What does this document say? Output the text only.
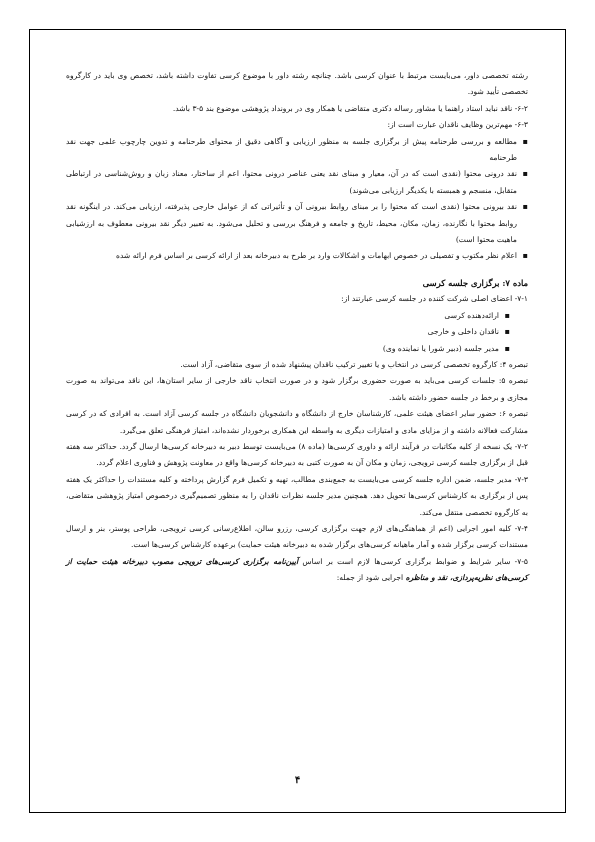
رشته تخصصی داور، می‌بایست مرتبط با عنوان کرسی باشد. چنانچه رشته داور با موضوع کرسی تفاوت داشته باشد، تخصص وی باید در کارگروه تخصصی تأیید شود.

۶-۲- ناقد نباید استاد راهنما یا مشاور رساله دکتری متقاضی یا همکار وی در برونداد پژوهشی موضوع بند ۵-۳ باشد.

۶-۳- مهم‌ترین وظایف ناقدان عبارت است از:

▪ مطالعه و بررسی طرحنامه پیش از برگزاری جلسه به منظور ارزیابی و آگاهی دقیق از محتوای طرحنامه و تدوین چارچوب علمی جهت نقد طرحنامه
▪ نقد درونی محتوا (نقدی است که در آن، معیار و مبنای نقد یعنی عناصر درونی محتوا، اعم از ساختار، معناد زبان و روش‌شناسی در ارتباطی متقابل، منسجم و همبسته با یکدیگر ارزیابی می‌شوند)
▪ نقد بیرونی محتوا (نقدی است که محتوا را بر مبنای روابط بیرونی آن و تأثیراتی که از عوامل خارجی پذیرفته، ارزیابی می‌کند. در اینگونه نقد روابط محتوا با نگارنده، زمان، مکان، محیط، تاریخ و جامعه و فرهنگ بررسی و تحلیل می‌شود. به تعبیر دیگر نقد بیرونی معطوف به ارزشیابی ماهیت محتوا است)
▪ اعلام نظر مکتوب و تفصیلی در خصوص ابهامات و اشکالات وارد بر طرح به دبیرخانه بعد از ارائه کرسی بر اساس فرم ارائه شده

ماده ۷: برگزاری جلسه کرسی

۷-۱- اعضای اصلی شرکت کننده در جلسه کرسی عبارتند از:

▪ ارائه‌دهنده کرسی
▪ ناقدان داخلی و خارجی
▪ مدیر جلسه (دبیر شورا یا نماینده وی)

تبصره ۴: کارگروه تخصصی کرسی در انتخاب و یا تغییر ترکیب ناقدان پیشنهاد شده از سوی متقاضی، آزاد است.

تبصره ۵: جلسات کرسی می‌باید به صورت حضوری برگزار شود و در صورت انتخاب ناقد خارجی از سایر استان‌ها، این ناقد می‌تواند به صورت مجازی و برخط در جلسه حضور داشته باشد.

تبصره ۶: حضور سایر اعضای هیئت علمی، کارشناسان خارج از دانشگاه و دانشجویان دانشگاه در جلسه کرسی آزاد است. به افرادی که در کرسی مشارکت فعالانه داشته و از مزایای مادی و امتیازات دیگری به واسطه این همکاری برخوردار نشده‌اند، امتیاز فرهنگی تعلق می‌گیرد.

۷-۲- یک نسخه از کلیه مکاتبات در فرآیند ارائه و داوری کرسی‌ها (ماده ۸) می‌بایست توسط دبیر به دبیرخانه کرسی‌ها ارسال گردد. حداکثر سه هفته قبل از برگزاری جلسه کرسی ترویجی، زمان و مکان آن به صورت کتبی به دبیرخانه کرسی‌ها واقع در معاونت پژوهش و فناوری اعلام گردد.

۷-۳- مدیر جلسه، ضمن اداره جلسه کرسی می‌بایست به جمع‌بندی مطالب، تهیه و تکمیل فرم گزارش پرداخته و کلیه مستندات را حداکثر یک هفته پس از برگزاری به کارشناس کرسی‌ها تحویل دهد. همچنین مدیر جلسه نظرات ناقدان را به منظور تصمیم‌گیری درخصوص امتیاز پژوهشی متقاضی، به کارگروه تخصصی منتقل می‌کند.

۷-۴- کلیه امور اجرایی (اعم از هماهنگی‌های لازم جهت برگزاری کرسی، رزرو سالن، اطلاع‌رسانی کرسی ترویجی، طراحی پوستر، بنر و ارسال مستندات کرسی برگزار شده و آمار ماهیانه کرسی‌های برگزار شده به دبیرخانه هیئت حمایت) برعهده کارشناس کرسی‌ها است.

۷-۵- سایر شرایط و ضوابط برگزاری کرسی‌ها لازم است بر اساس آیین‌نامه برگزاری کرسی‌های ترویجی مصوب دبیرخانه هیئت حمایت از کرسی‌های نظریه‌پردازی، نقد و مناظره اجرایی شود از جمله:

۴
